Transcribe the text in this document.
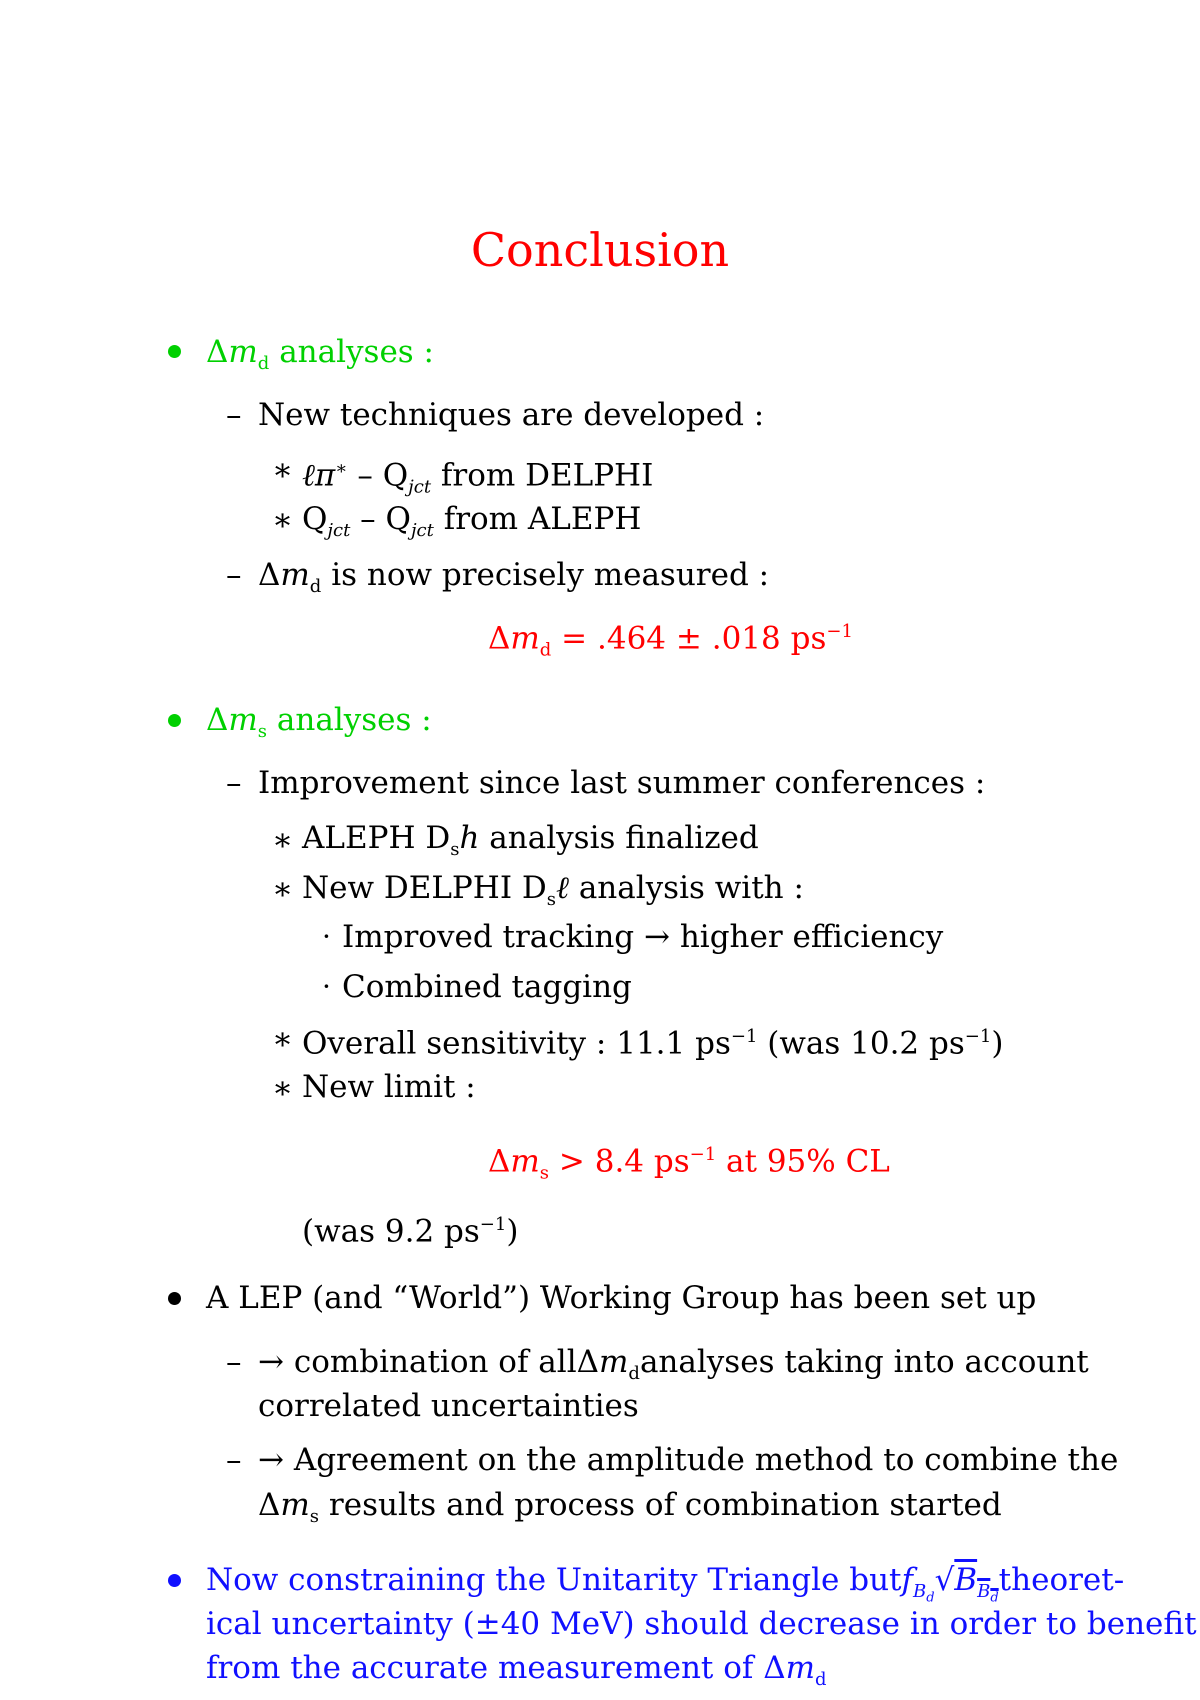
Conclusion
$\Delta m_d$ analyses :
– New techniques are developed :
∗ ℓπ∗ – $Q_{jct}$ from DELPHI
∗ $Q_{jct} - Q_{jct}$ from ALEPH
– $\Delta m_d$ is now precisely measured :
$\Delta m_d = .464 \pm .018$ $ps^{-1}$
$\Delta m_s$ analyses :
– Improvement since last summer conferences :
∗ ALEPH $D_sh$ analysis finalized
∗ New DELPHI $D_s\ell$ analysis with :
· Improved tracking → higher efficiency
· Combined tagging
∗ Overall sensitivity : 11.1 $ps^{-1}$ (was 10.2 $ps^{-1}$)
∗ New limit :
$\Delta m_s > 8.4$ $ps^{-1}$ at 95% CL
(was 9.2 $ps^{-1}$)
A LEP (and “World”) Working Group has been set up
– → combination of all $\Delta m_d$ analyses taking into account
correlated uncertainties
– → Agreement on the amplitude method to combine the
$\Delta m_s$ results and process of combination started
Now constraining the Unitarity Triangle but $f_{B_d}√B_{B_d}$
theoret-
ical uncertainty (±40 MeV) should decrease in order to benefit
from the accurate measurement of $\Delta m_d$
